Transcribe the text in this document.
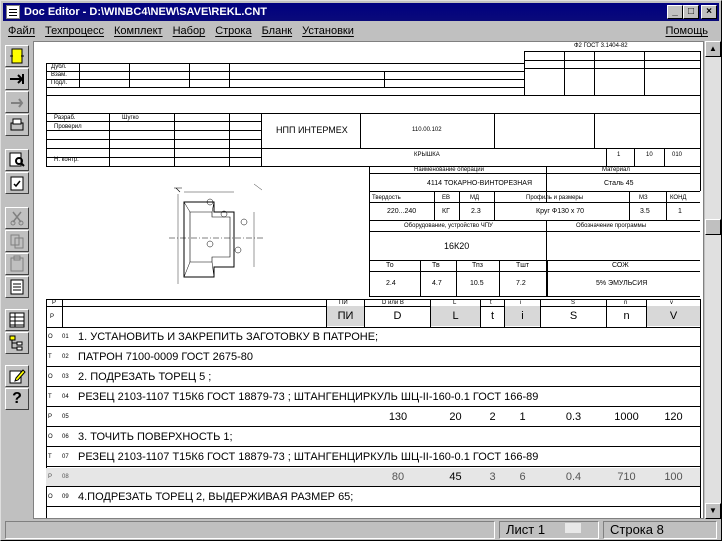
Doc Editor - D:\WINBC4\NEW\SAVE\REKL.CNT	_	□	×
Файл Техпроцесс Комплект Набор Строка Бланк Установки	Помощь
?
Ф2 ГОСТ 3.1404-82
Дубл.
Взам.
Подл.
Разраб.	Шугко
Проверил
Н. контр.
НПП ИНТЕРМЕХ	110.00.102
КРЫШКА	1	10	010
Наименование операции	Материал
4114 ТОКАРНО-ВИНТОРЕЗНАЯ	Сталь 45
Твердость	ЕВ	МД	Профиль и размеры	МЗ	КОНД
220...240	КГ	2.3	Круг Ф130 х 70	3.5	1
Оборудование, устройство ЧПУ	Обозначение программы
16К20
То	Тв	Тпз	Тшт	СОЖ
2.4	4.7	10.5	7.2	5% ЭМУЛЬСИЯ
Р	ПИ	D или В	L	t	i	S	n	v
Р	ПИ	D	L	t	i	S	n	V
O 01 1. УСТАНОВИТЬ И ЗАКРЕПИТЬ ЗАГОТОВКУ В ПАТРОНЕ;
T 02 ПАТРОН 7100-0009 ГОСТ 2675-80
O 03 2. ПОДРЕЗАТЬ ТОРЕЦ 5 ;
T 04 РЕЗЕЦ 2103-1107 Т15К6 ГОСТ 18879-73 ; ШТАНГЕНЦИРКУЛЬ ШЦ-II-160-0.1 ГОСТ 166-89
P 05	130	20	2	1	0.3	1000	120
O 06 3. ТОЧИТЬ ПОВЕРХНОСТЬ 1;
T 07 РЕЗЕЦ 2103-1107 Т15К6 ГОСТ 18879-73 ; ШТАНГЕНЦИРКУЛЬ ШЦ-II-160-0.1 ГОСТ 166-89
P 08	80	45	3	6	0.4	710	100
O 09 4.ПОДРЕЗАТЬ ТОРЕЦ 2, ВЫДЕРЖИВАЯ РАЗМЕР 65;
▲
▼
Лист 1	Строка 8
